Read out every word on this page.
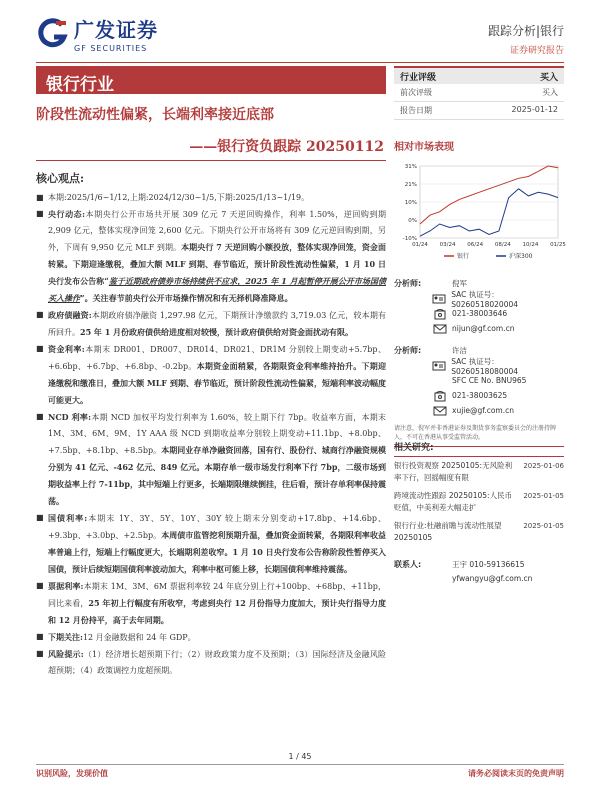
广发证券
GF SECURITIES
跟踪分析|银行
证券研究报告
银行行业
阶段性流动性偏紧，长端利率接近底部
——银行资负跟踪 20250112
行业评级	买入
前次评级	买入
报告日期	2025-01-12
相对市场表现
31%
21%
10%
0%
-10%
01/24 03/24 06/24 08/24 10/24 01/25
银行	沪深300
分析师:	倪军
SAC 执证号：S0260518020004
021-38003646
nijun@gf.com.cn
分析师:	许洁
SAC 执证号：S0260518080004
SFC CE No. BNU965
021-38003625
xujie@gf.com.cn
请注意，倪军并非香港证券及期货事务监察委员会的注册持牌人，不可在香港从事受监管活动。
相关研究:
银行投资观察 20250105:无风险利率下行，回摇幅度有限
2025-01-06
跨境流动性跟踪 20250105:人民币贬值，中美利差大幅走扩
2025-01-05
银行行业:杜融前瞻与流动性展望 20250105
2025-01-05
联系人:	王宇 010-59136615
yfwangyu@gf.com.cn
核心观点:
■ 本期:2025/1/6~1/12,上期:2024/12/30~1/5,下期:2025/1/13~1/19。
■ 央行动态:本期央行公开市场共开展 309 亿元 7 天逆回购操作，利率 1.50%，逆回购到期 2,909 亿元，整体实现净回笼 2,600 亿元。下期央行公开市场将有 309 亿元逆回购到期，另外，下周有 9,950 亿元 MLF 到期。本期央行 7 天逆回购小额投放，整体实现净回笼，资金面转紧。下期迎逢缴税，叠加大额 MLF 到期、春节临近，预计阶段性流动性偏紧，1 月 10 日央行发布公告称“鉴于近期政府债券市场持续供不应求，2025 年 1 月起暂停开展公开市场国债买入操作”。关注春节前央行公开市场操作情况和有无择机降准降息。
■ 政府债融资:本期政府债净融资 1,297.98 亿元，下期预计净缴款约 3,719.03 亿元，较本期有所回升。25 年 1 月份政府债供给进度相对较慢，预计政府债供给对资金面扰动有限。
■ 资金利率:本期末 DR001、DR007、DR014、DR021、DR1M 分别较上期变动+5.7bp、+6.6bp、+6.7bp、+6.8bp、-0.2bp。本期资金面稍紧，各期限资金利率维持抬升。下期迎逢缴税和缴准日，叠加大额 MLF 到期、春节临近，预计阶段性流动性偏紧，短端利率波动幅度可能更大。
■ NCD 利率:本期 NCD 加权平均发行利率为 1.60%，较上期下行 7bp。收益率方面，本期末 1M、3M、6M、9M、1Y AAA 级 NCD 到期收益率分别较上期变动+11.1bp、+8.0bp、+7.5bp、+8.1bp、+8.5bp。本期同业存单净融资回落，国有行、股份行、城商行净融资规模分别为 41 亿元、-462 亿元、849 亿元。本期存单一级市场发行利率下行 7bp，二级市场到期收益率上行 7-11bp，其中短端上行更多，长端期限继续倒挂，往后看，预计存单利率保持震荡。
■ 国债利率:本期末 1Y、3Y、5Y、10Y、30Y 较上期末分别变动+17.8bp、+14.6bp、+9.3bp、+3.0bp、+2.5bp。本周债市监管挖利预期升温，叠加资金面转紧，各期限利率收益率普遍上行，短端上行幅度更大，长端期利差收窄。1 月 10 日央行发布公告称阶段性暂停买入国债，预计后续短期国债利率波动加大，利率中枢可能上移，长期国债利率维持震荡。
■ 票据利率:本期末 1M、3M、6M 票据利率较 24 年底分别上行+100bp、+68bp、+11bp，同比来看，25 年初上行幅度有所收窄，考虑到央行 12 月份指导力度加大，预计央行指导力度和 12 月份持平，高于去年同期。
■ 下期关注:12 月金融数据和 24 年 GDP。
■ 风险提示:（1）经济增长超预期下行；（2）财政政策力度不及预期；（3）国际经济及金融风险超预期；（4）政策调控力度超预期。
1 / 45
识别风险，发现价值	请务必阅读末页的免责声明
